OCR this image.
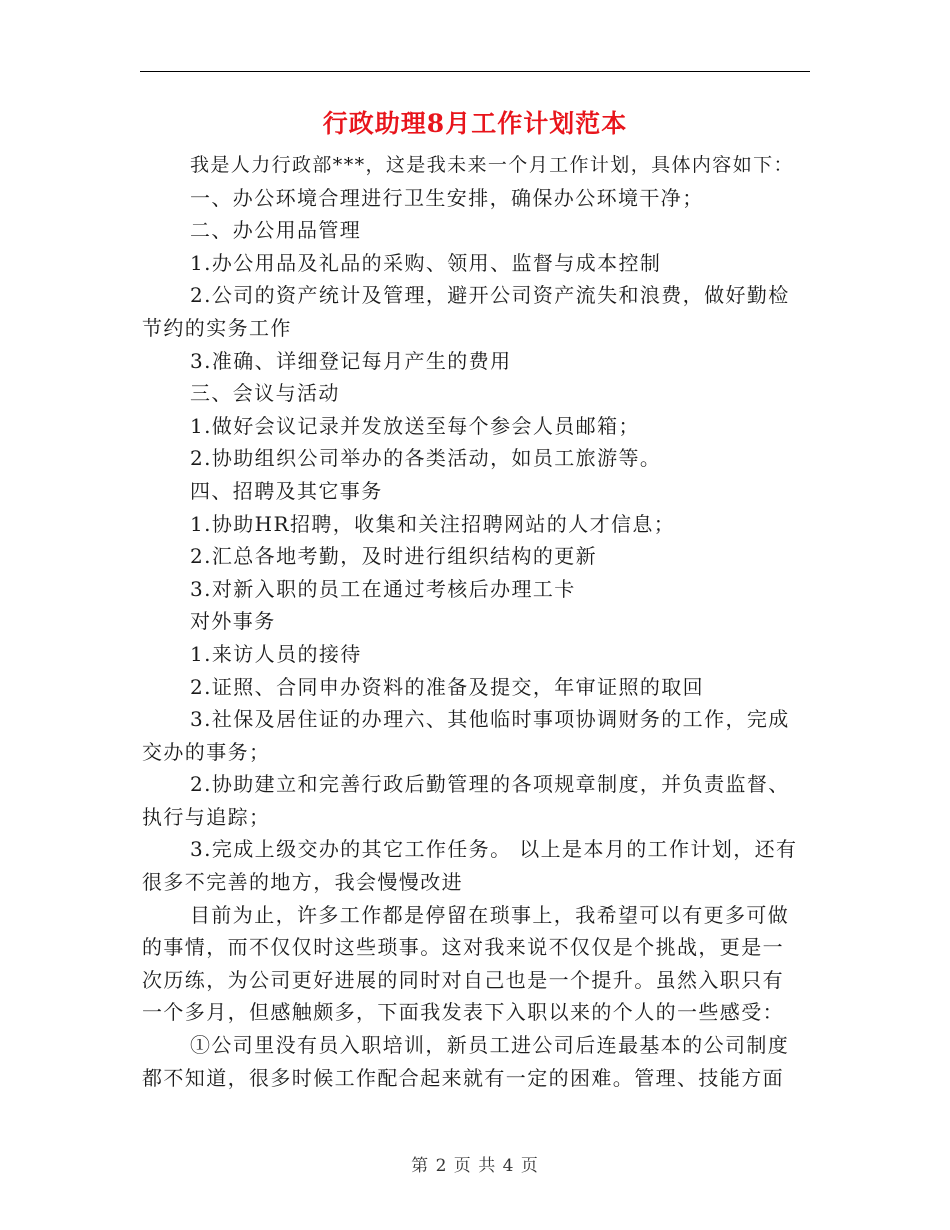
行政助理8月工作计划范本
我是人力行政部***，这是我未来一个月工作计划，具体内容如下：
一、办公环境合理进行卫生安排，确保办公环境干净；
二、办公用品管理
1.办公用品及礼品的采购、领用、监督与成本控制
2.公司的资产统计及管理，避开公司资产流失和浪费，做好勤检
节约的实务工作
3.准确、详细登记每月产生的费用
三、会议与活动
1.做好会议记录并发放送至每个参会人员邮箱；
2.协助组织公司举办的各类活动，如员工旅游等。
四、招聘及其它事务
1.协助HR招聘，收集和关注招聘网站的人才信息；
2.汇总各地考勤，及时进行组织结构的更新
3.对新入职的员工在通过考核后办理工卡
对外事务
1.来访人员的接待
2.证照、合同申办资料的准备及提交，年审证照的取回
3.社保及居住证的办理六、其他临时事项协调财务的工作，完成
交办的事务；
2.协助建立和完善行政后勤管理的各项规章制度，并负责监督、
执行与追踪；
3.完成上级交办的其它工作任务。 以上是本月的工作计划，还有
很多不完善的地方，我会慢慢改进
目前为止，许多工作都是停留在琐事上，我希望可以有更多可做
的事情，而不仅仅时这些琐事。这对我来说不仅仅是个挑战，更是一
次历练，为公司更好进展的同时对自己也是一个提升。虽然入职只有
一个多月，但感触颇多，下面我发表下入职以来的个人的一些感受：
①公司里没有员入职培训，新员工进公司后连最基本的公司制度
都不知道，很多时候工作配合起来就有一定的困难。管理、技能方面
第 2 页 共 4 页
